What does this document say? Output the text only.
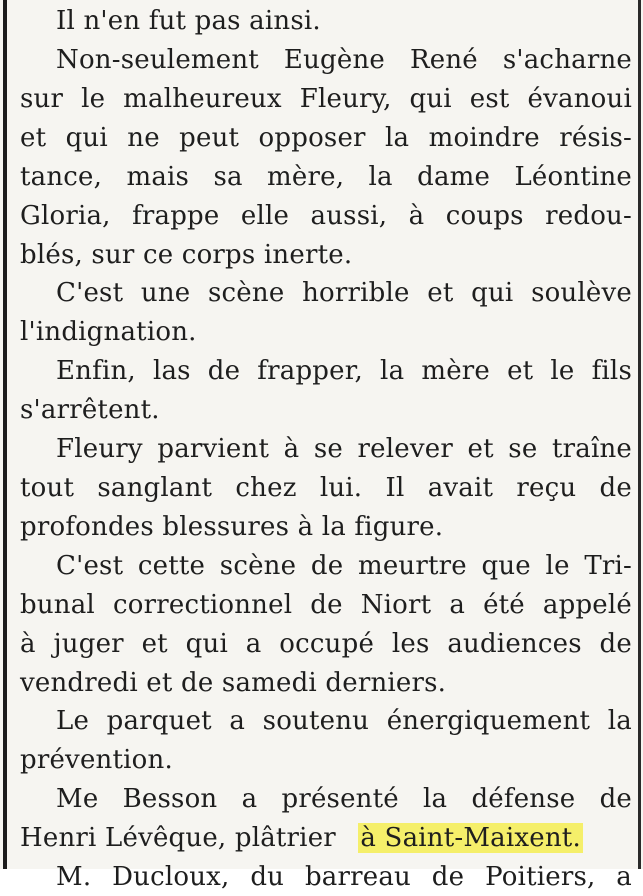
Il n'en fut pas ainsi.
Non-seulement Eugène René s'acharne
sur le malheureux Fleury, qui est évanoui
et qui ne peut opposer la moindre résis-
tance, mais sa mère, la dame Léontine
Gloria, frappe elle aussi, à coups redou-
blés, sur ce corps inerte.
C'est une scène horrible et qui soulève
l'indignation.
Enfin, las de frapper, la mère et le fils
s'arrêtent.
Fleury parvient à se relever et se traîne
tout sanglant chez lui. Il avait reçu de
profondes blessures à la figure.
C'est cette scène de meurtre que le Tri-
bunal correctionnel de Niort a été appelé
à juger et qui a occupé les audiences de
vendredi et de samedi derniers.
Le parquet a soutenu énergiquement la
prévention.
Me Besson a présenté la défense de
Henri Lévêque, plâtrier à Saint-Maixent.
M. Ducloux, du barreau de Poitiers, a
